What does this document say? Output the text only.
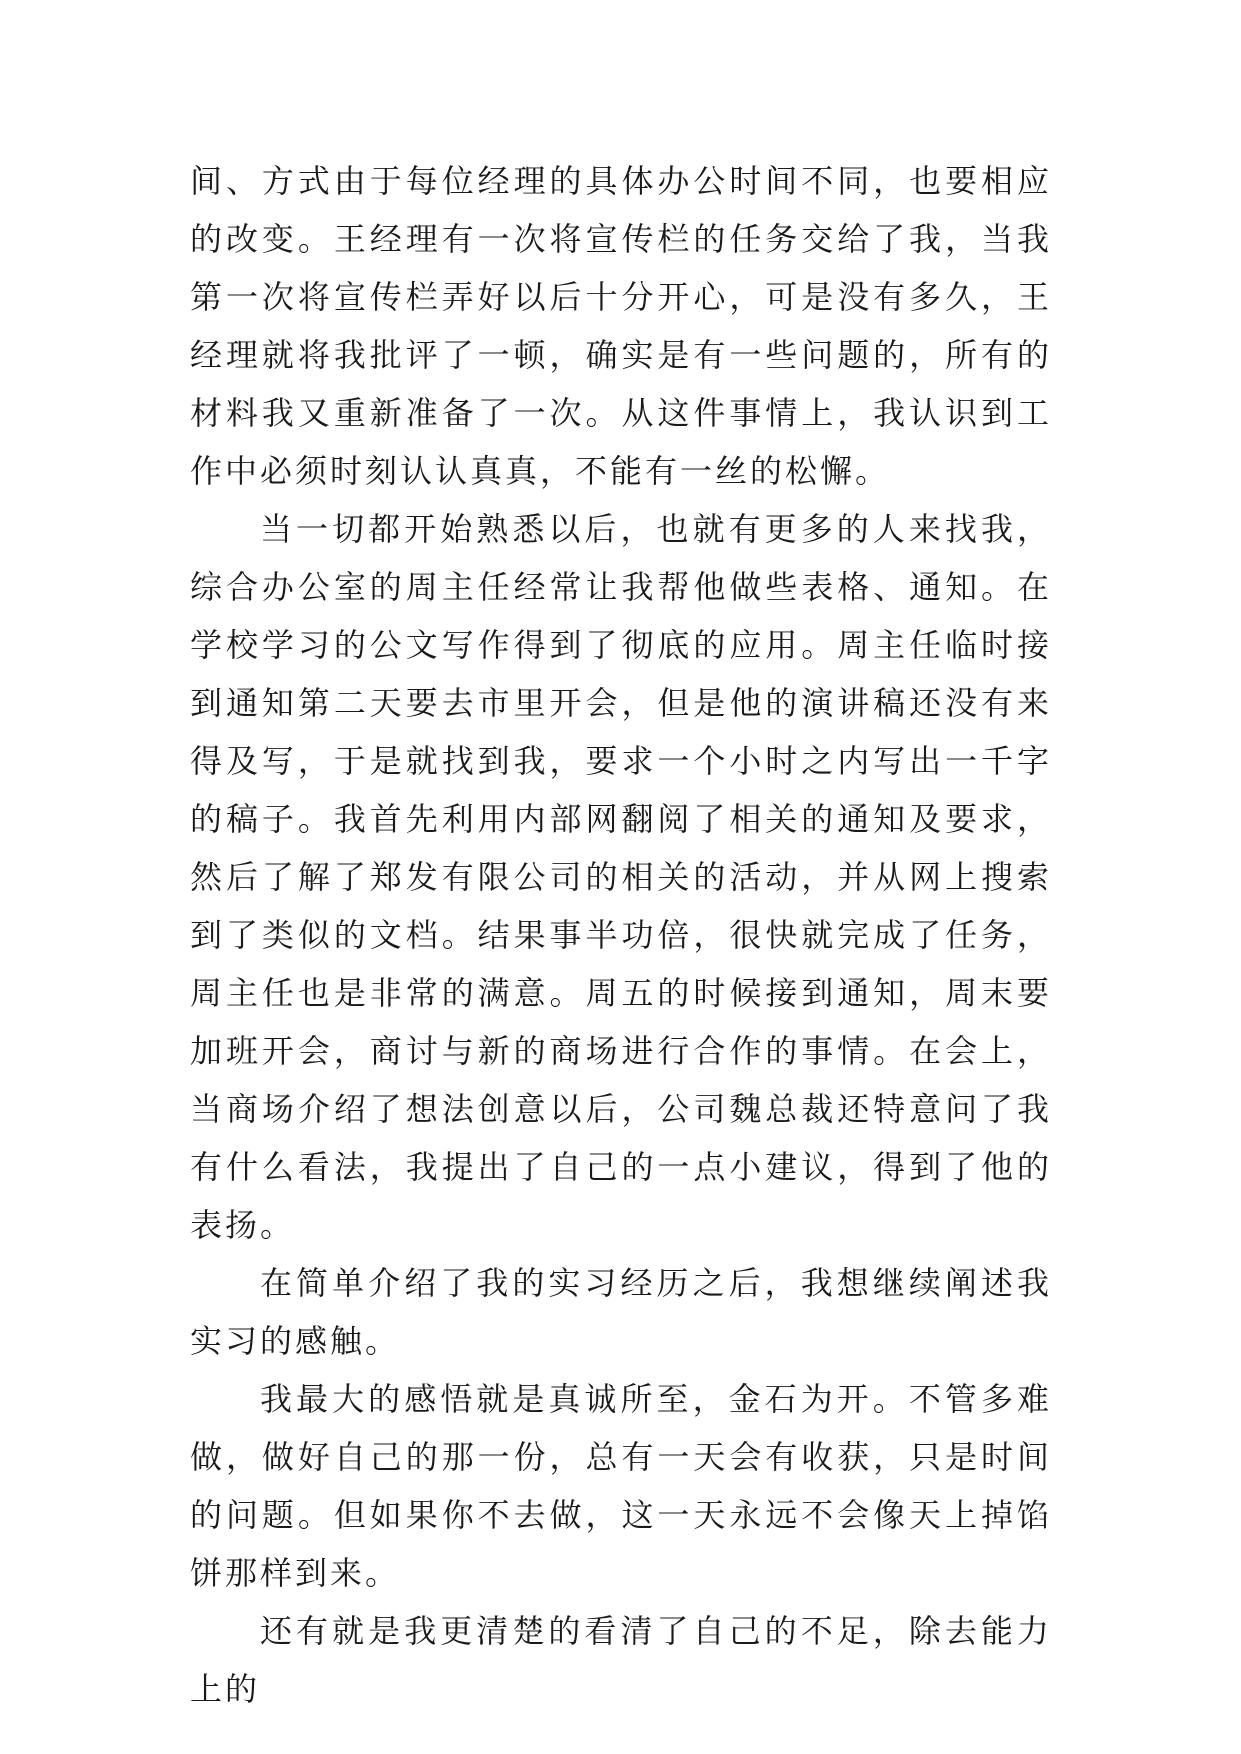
间、方式由于每位经理的具体办公时间不同，也要相应的改变。王经理有一次将宣传栏的任务交给了我，当我第一次将宣传栏弄好以后十分开心，可是没有多久，王经理就将我批评了一顿，确实是有一些问题的，所有的材料我又重新准备了一次。从这件事情上，我认识到工作中必须时刻认认真真，不能有一丝的松懈。

当一切都开始熟悉以后，也就有更多的人来找我，综合办公室的周主任经常让我帮他做些表格、通知。在学校学习的公文写作得到了彻底的应用。周主任临时接到通知第二天要去市里开会，但是他的演讲稿还没有来得及写，于是就找到我，要求一个小时之内写出一千字的稿子。我首先利用内部网翻阅了相关的通知及要求，然后了解了郑发有限公司的相关的活动，并从网上搜索到了类似的文档。结果事半功倍，很快就完成了任务，周主任也是非常的满意。周五的时候接到通知，周末要加班开会，商讨与新的商场进行合作的事情。在会上，当商场介绍了想法创意以后，公司魏总裁还特意问了我有什么看法，我提出了自己的一点小建议，得到了他的表扬。

在简单介绍了我的实习经历之后，我想继续阐述我实习的感触。

我最大的感悟就是真诚所至，金石为开。不管多难做，做好自己的那一份，总有一天会有收获，只是时间的问题。但如果你不去做，这一天永远不会像天上掉馅饼那样到来。

还有就是我更清楚的看清了自己的不足，除去能力上的
